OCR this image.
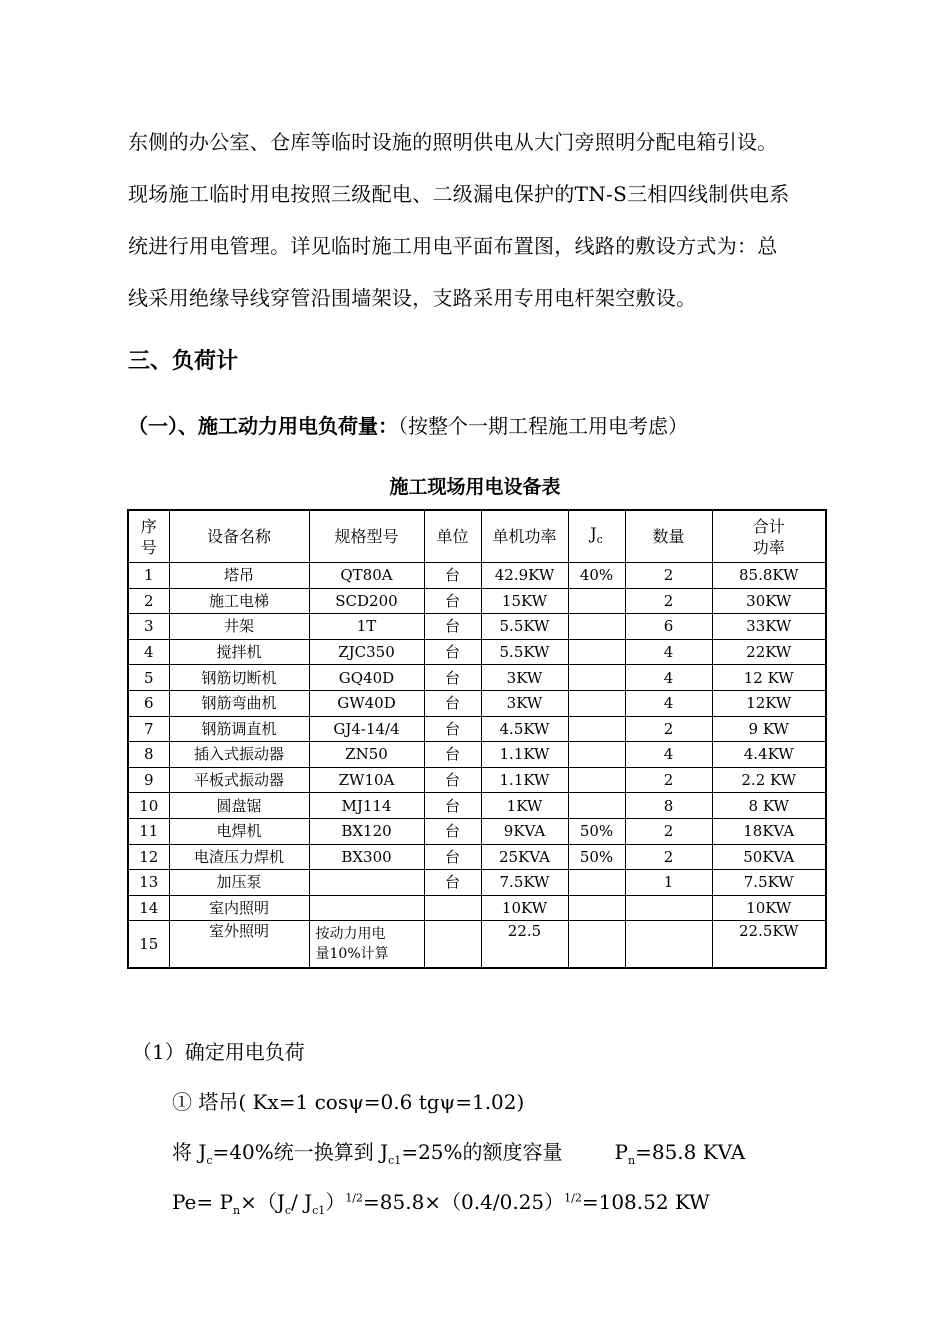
东侧的办公室、仓库等临时设施的照明供电从大门旁照明分配电箱引设。
现场施工临时用电按照三级配电、二级漏电保护的TN-S三相四线制供电系
统进行用电管理。详见临时施工用电平面布置图，线路的敷设方式为：总
线采用绝缘导线穿管沿围墙架设，支路采用专用电杆架空敷设。
三、负荷计

（一）、施工动力用电负荷量：（按整个一期工程施工用电考虑）

施工现场用电设备表
序
号	设备名称	规格型号	单位	单机功率	$J_c$	数量	合计
功率
1	塔吊	QT80A	台	42.9KW	40%	2	85.8KW
2	施工电梯	SCD200	台	15KW		2	30KW
3	井架	1T	台	5.5KW		6	33KW
4	搅拌机	ZJC350	台	5.5KW		4	22KW
5	钢筋切断机	GQ40D	台	3KW		4	12 KW
6	钢筋弯曲机	GW40D	台	3KW		4	12KW
7	钢筋调直机	GJ4-14/4	台	4.5KW		2	9 KW
8	插入式振动器	ZN50	台	1.1KW		4	4.4KW
9	平板式振动器	ZW10A	台	1.1KW		2	2.2 KW
10	圆盘锯	MJ114	台	1KW		8	8 KW
11	电焊机	BX120	台	9KVA	50%	2	18KVA
12	电渣压力焊机	BX300	台	25KVA	50%	2	50KVA
13	加压泵		台	7.5KW		1	7.5KW
14	室内照明			10KW			10KW
15	室外照明	按动力用电
量10%计算		22.5			22.5KW

（1）确定用电负荷

① 塔吊( Kx=1 cosψ=0.6 tgψ=1.02)

将 $J_c=40\%$统一换算到 $J_{c1}=25\%$的额度容量	$P_n=85.8$ KVA

$Pe= P_n\times(J_c/$ $J_{c1})^{1/2}=85.8\times(0.4/0.25)^{1/2}=108.52$ KW
